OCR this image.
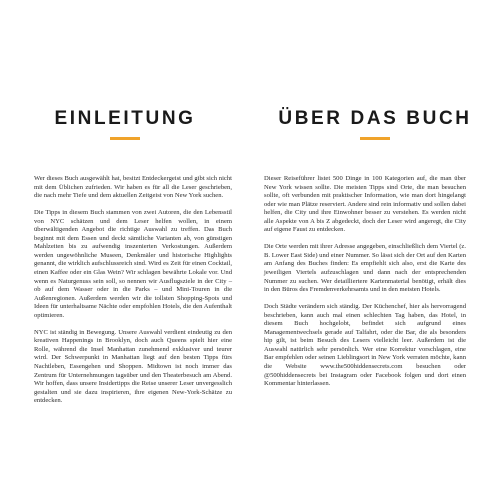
EINLEITUNG

Wer dieses Buch ausgewählt hat, besitzt Entdeckergeist und gibt sich nicht mit dem Üblichen zufrieden. Wir haben es für all die Leser geschrieben, die nach mehr Tiefe und dem aktuellen Zeitgeist von New York suchen.

Die Tipps in diesem Buch stammen von zwei Autoren, die den Lebensstil von NYC schätzen und dem Leser helfen wollen, in einem überwältigenden Angebot die richtige Auswahl zu treffen. Das Buch beginnt mit dem Essen und deckt sämtliche Varianten ab, von günstigen Mahlzeiten bis zu aufwendig inszenierten Verkostungen. Außerdem werden ungewöhnliche Museen, Denkmäler und historische Highlights genannt, die wirklich aufschlussreich sind. Wird es Zeit für einen Cocktail, einen Kaffee oder ein Glas Wein? Wir schlagen bewährte Lokale vor. Und wenn es Naturgenuss sein soll, so nennen wir Ausflugsziele in der City – ob auf dem Wasser oder in die Parks – und Mini-Touren in die Außenregionen. Außerdem werden wir die tollsten Shopping-Spots und Ideen für unterhaltsame Nächte oder empfohlen Hotels, die den Aufenthalt optimieren.

NYC ist ständig in Bewegung. Unsere Auswahl verdient eindeutig zu den kreativen Happenings in Brooklyn, doch auch Queens spielt hier eine Rolle, während die Insel Manhattan zunehmend exklusiver und teurer wird. Der Schwerpunkt in Manhattan liegt auf den besten Tipps fürs Nachtleben, Essengehen und Shoppen. Midtown ist noch immer das Zentrum für Unternehmungen tagsüber und den Theaterbesuch am Abend. Wir hoffen, dass unsere Insidertipps die Reise unserer Leser unvergesslich gestalten und sie dazu inspirieren, ihre eigenen New-York-Schätze zu entdecken.

ÜBER DAS BUCH

Dieser Reiseführer listet 500 Dinge in 100 Kategorien auf, die man über New York wissen sollte. Die meisten Tipps sind Orte, die man besuchen sollte, oft verbunden mit praktischer Information, wie man dort hingelangt oder wie man Plätze reserviert. Andere sind rein informativ und sollen dabei helfen, die City und ihre Einwohner besser zu verstehen. Es werden nicht alle Aspekte von A bis Z abgedeckt, doch der Leser wird angeregt, die City auf eigene Faust zu entdecken.

Die Orte werden mit ihrer Adresse angegeben, einschließlich dem Viertel (z. B. Lower East Side) und einer Nummer. So lässt sich der Ort auf den Karten am Anfang des Buches finden: Es empfiehlt sich also, erst die Karte des jeweiligen Viertels aufzuschlagen und dann nach der entsprechenden Nummer zu suchen. Wer detailliertere Kartenmaterial benötigt, erhält dies in den Büros des Fremdenverkehrsamts und in den meisten Hotels.

Doch Städte verändern sich ständig. Der Küchenchef, hier als hervorragend beschrieben, kann auch mal einen schlechten Tag haben, das Hotel, in diesem Buch hochgelobt, befindet sich aufgrund eines Managementwechsels gerade auf Talfahrt, oder die Bar, die als besonders hip gilt, ist beim Besuch des Lesers vielleicht leer. Außerdem ist die Auswahl natürlich sehr persönlich. Wer eine Korrektur vorschlagen, eine Bar empfehlen oder seinen Lieblingsort in New York verraten möchte, kann die Website www.the500hiddensecrets.com besuchen oder @500hiddensecrets bei Instagram oder Facebook folgen und dort einen Kommentar hinterlassen.
